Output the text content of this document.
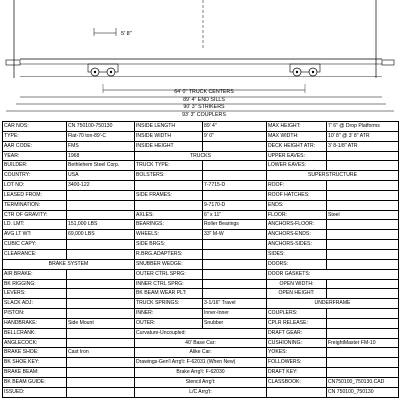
5' 8"
64' 0" TRUCK CENTERS
89' 4" END SILLS
90' 3" STRIKERS
93' 3" COUPLERS
CAR NOS:	CN 750100-750130	INSIDE LENGTH	89' 4"	MAX HEIGHT:	7' 6" @ Drop Platforms
TYPE:	Flat-70 ton-89'-C	INSIDE WIDTH	9' 0"	MAX WIDTH:	10' 8" @ 3' 8" ATR
AAR CODE:	FMS	INSIDE HEIGHT		DECK HEIGHT ATR:	3' 8-1/8" ATR
YEAR:	1968	TRUCKS		UPPER EAVES:	
BUILDER:	Bethlehem Steel Corp.	TRUCK TYPE:		LOWER EAVES:	
COUNTRY:	USA	BOLSTERS:		SUPERSTRUCTURE	
LOT NO:	3400-122		7-7715-D	ROOF:	
LEASED FROM:		SIDE FRAMES:		ROOF HATCHES:	
TERMINATION:			9-7170-D	ENDS:	
CTR OF GRAVITY:		AXLES:	6" x 11"	FLOOR:	Steel
LD. LMT:	151,000 LBS	BEARINGS:	Roller Bearings	ANCHORS-FLOOR:	
AVG LT WT:	69,000 LBS	WHEELS:	33" M-W	ANCHORS-ENDS:	
CUBIC CAPY:		SIDE BRGS:		ANCHORS-SIDES:	
CLEARANCE:		R.BRG.ADAPTERS:		SIDES:	
BRAKE SYSTEM		SNUBBER WEDGE:		DOORS:	
AIR BRAKE:		OUTER CTRL SPRG:		DOOR GASKETS:	
BK RIGGING:		INNER CTRL SPRG:		OPEN WIDTH:	
LEVERS:		BK BEAM WEAR PLT:		OPEN HEIGHT:	
SLACK ADJ:		TRUCK SPRINGS:	3-1/16" Travel	UNDERFRAME	
PISTON:		INNER:	Inner-Inner	COUPLERS:	
HANDBRAKE:	Side Mount	OUTER:	Snubber	CPLR RELEASE:	
BELLCRANK:		Curvature-Uncoupled:		DRAFT GEAR:	
ANGLECOCK:		40' Base Car:		CUSHIONING:	FreightMaster FM-10
BRAKE SHOE:	Cast Iron	Alike Car:		YOKES:	
BK SHOE KEY:		Drawings-Gen'l Arrg't: F-62031 (When New)		FOLLOWERS:	
BRAKE BEAM:		Brake Arrg't: F-62030		DRAFT KEY:	
BK BEAM GUIDE:		Stencil Arrg't:		CLASSBOOK:	CN750100_750130.CAD
ISSUED:		L/C Arrg't:			CN 750100_750130
